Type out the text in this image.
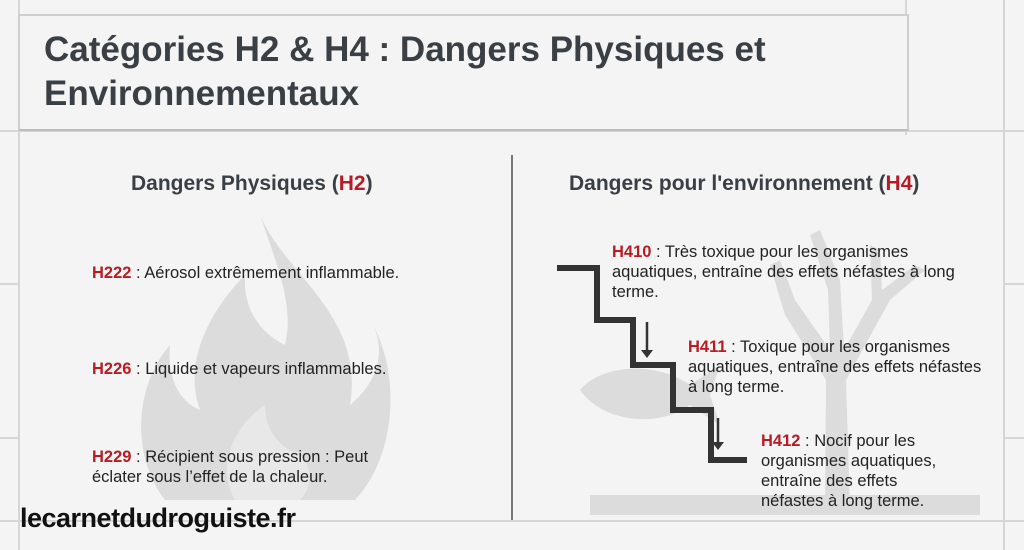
Catégories H2 & H4 : Dangers Physiques et Environnementaux
Dangers Physiques (H2)
H222 : Aérosol extrêmement inflammable.
H226 : Liquide et vapeurs inflammables.
H229 : Récipient sous pression : Peut éclater sous l’effet de la chaleur.
Dangers pour l'environnement (H4)
H410 : Très toxique pour les organismes aquatiques, entraîne des effets néfastes à long terme.
H411 : Toxique pour les organismes aquatiques, entraîne des effets néfastes à long terme.
H412 : Nocif pour les organismes aquatiques, entraîne des effets néfastes à long terme.
lecarnetdudroguiste.fr
